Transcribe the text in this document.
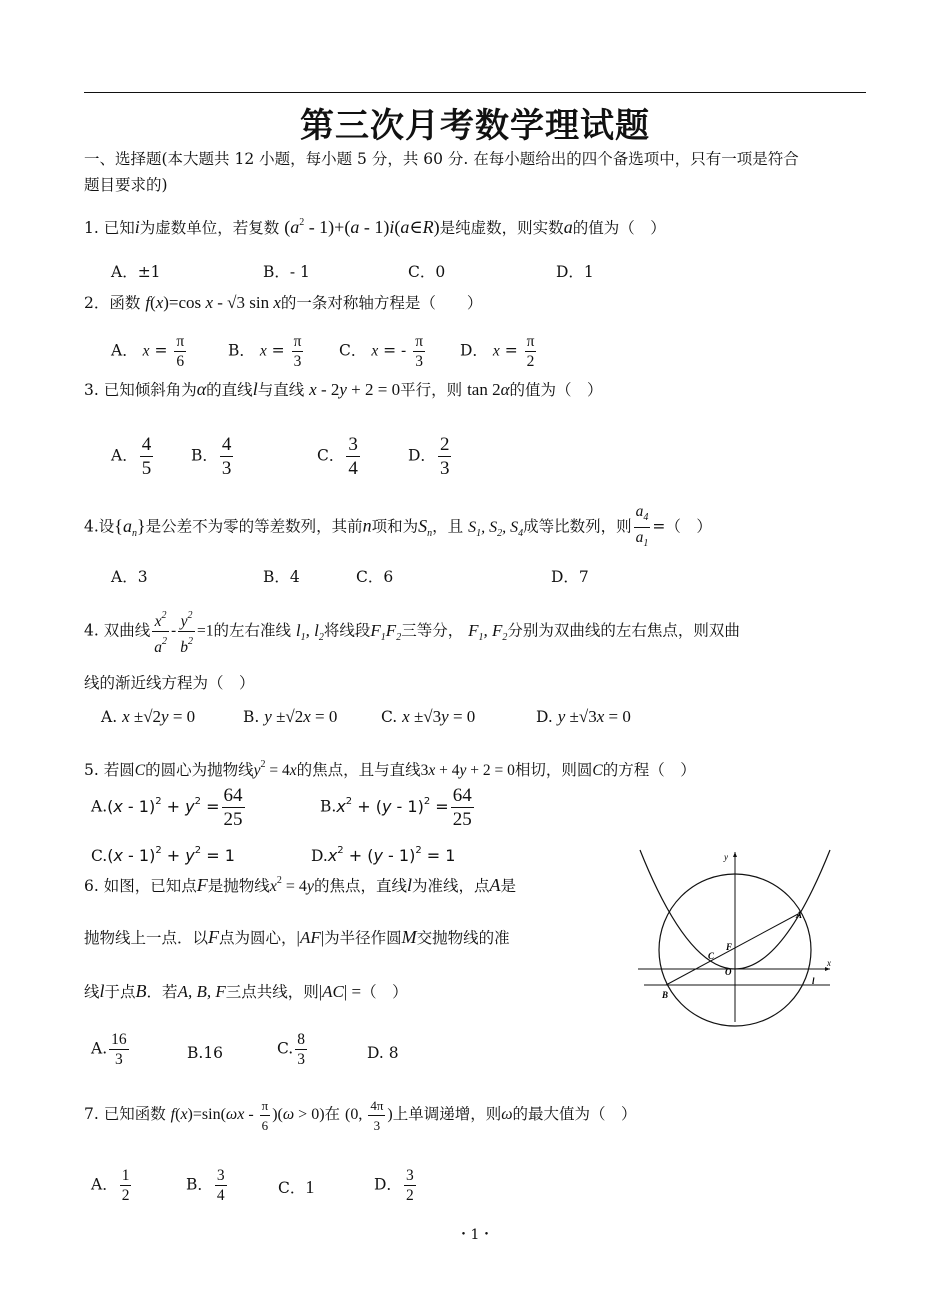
第三次月考数学理试题
一、选择题(本大题共 12 小题，每小题 5 分，共 60 分. 在每小题给出的四个备选项中，只有一项是符合
题目要求的)
1. 已知i为虚数单位，若复数 $(a^2 - 1)+(a$ - 1)i(a∈R)是纯虚数，则实数a的值为（　）
A．±1	B．- 1	C．0	D．1
2．函数 f(x)=cos x - √3 sin x的一条对称轴方程是（　　）
A． $x = \frac{\pi}{6}$	B． $x = \frac{\pi}{3}$ C． x = - $\frac{\pi}{3}$ D． $x = \frac{\pi}{2}$
3. 已知倾斜角为α的直线l与直线 x - 2y + 2 = 0平行，则 tan 2α的值为（　）
A． $\frac{4}{5}$ B． $\frac{4}{3}$	C． $\frac{3}{4}$	D． $\frac{2}{3}$
4.设$\{a_n\}$是公差不为零的等差数列，其前n项和为$S_n$，且 $S_1$, $S_2$, $S_4$成等比数列，则 $\frac{a_4}{a_1}$ =（　）
A．3	B．4	C．6	D．7
4. 双曲线 $\frac{x^2}{a^2} - \frac{y^2}{b^2} =1$的左右准线 $l_1$, $l_2$将线段$F_1F_2$三等分， $F_1$, $F_2$分别为双曲线的左右焦点，则双曲
线的渐近线方程为（　）
A. x ±√2y = 0	B. y ±√2x = 0	C. x ±√3y = 0	D. y ±√3x = 0
5. 若圆C的圆心为抛物线$y^2 = 4x$的焦点，且与直线3x + 4y + 2 = 0相切，则圆C的方程（　）
$A.(x - 1)^2 + y^2 = \frac{64}{25}$	$B.x^2 + (y - 1)^2 = \frac{64}{25}$
$C.(x - 1)^2 + y^2 = 1$	$D.x^2 + (y - 1)^2 = 1$
6. 如图，已知点F是抛物线$x^2 = 4y$的焦点，直线l为准线，点A是
抛物线上一点．以F点为圆心，|AF|为半径作圆M交抛物线的准
线l于点B．若A, B, F三点共线，则|AC| =（　）
A. $\frac{16}{3}$	B.16	C. $\frac{8}{3}$	D. 8
y
x
A
F
C
O
B
l
7. 已知函数 $f(x)=\sin(\omega x - \frac{\pi}{6} )(\omega > 0)$在 (0, $\frac{4\pi}{3}$ )上单调递增，则ω的最大值为（　）
A． $\frac{1}{2}$	B． $\frac{3}{4}$	C．1	D． $\frac{3}{2}$
・1・
